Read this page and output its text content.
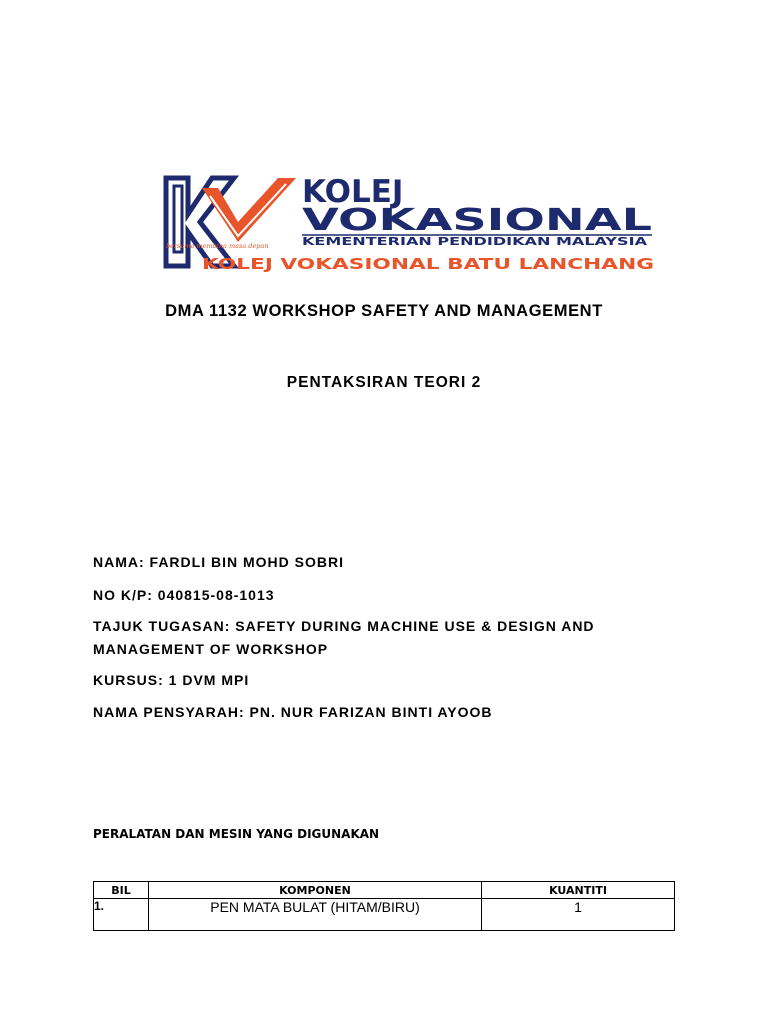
bersama membina masa depan
KOLEJ
VOKASIONAL
KEMENTERIAN PENDIDIKAN MALAYSIA
KOLEJ VOKASIONAL BATU LANCHANG
DMA 1132 WORKSHOP SAFETY AND MANAGEMENT
PENTAKSIRAN TEORI 2
NAMA: FARDLI BIN MOHD SOBRI
NO K/P: 040815-08-1013
TAJUK TUGASAN: SAFETY DURING MACHINE USE & DESIGN AND MANAGEMENT OF WORKSHOP
KURSUS: 1 DVM MPI
NAMA PENSYARAH: PN. NUR FARIZAN BINTI AYOOB
PERALATAN DAN MESIN YANG DIGUNAKAN
BIL	KOMPONEN	KUANTITI
1.	PEN MATA BULAT (HITAM/BIRU)	1
